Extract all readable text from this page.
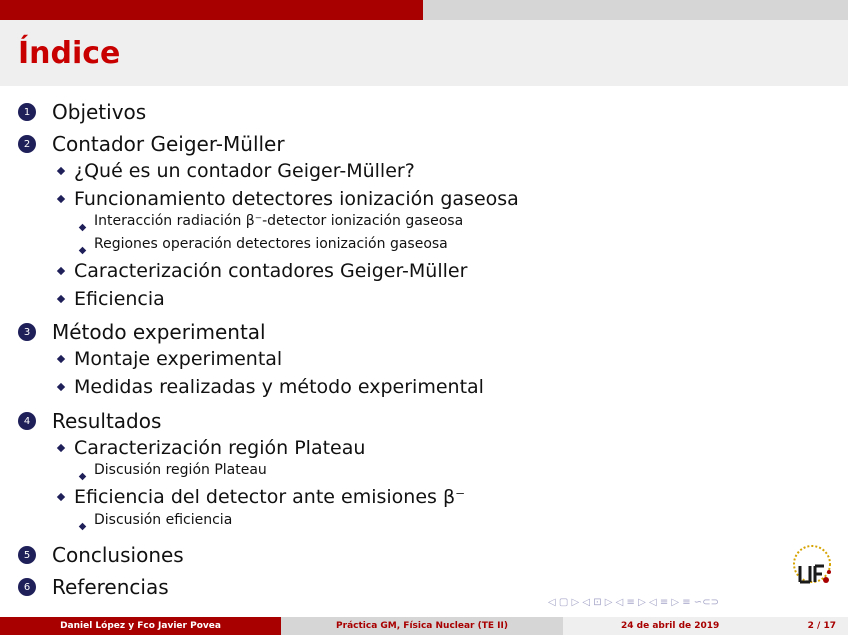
Índice
1 Objetivos
2 Contador Geiger-Müller
¿Qué es un contador Geiger-Müller?
Funcionamiento detectores ionización gaseosa
Interacción radiación β⁻-detector ionización gaseosa
Regiones operación detectores ionización gaseosa
Caracterización contadores Geiger-Müller
Eficiencia
3 Método experimental
Montaje experimental
Medidas realizadas y método experimental
4 Resultados
Caracterización región Plateau
Discusión región Plateau
Eficiencia del detector ante emisiones β⁻
Discusión eficiencia
5 Conclusiones
6 Referencias
◁ ▢ ▷ ◁ ⊡ ▷ ◁ ≡ ▷ ◁ ≡ ▷ ≡ ∽⊂⊃
Daniel López y Fco Javier Povea	Práctica GM, Física Nuclear (TE II)	24 de abril de 2019	2 / 17
